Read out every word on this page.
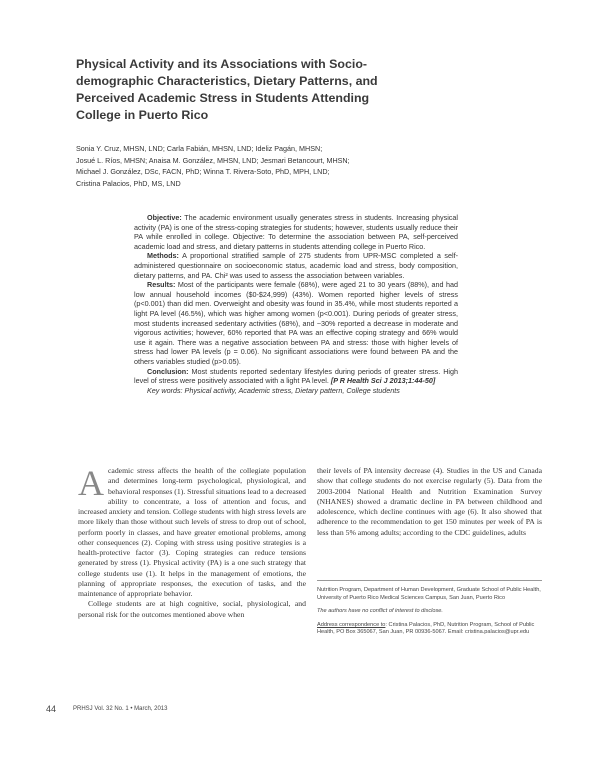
Physical Activity and its Associations with Socio-demographic Characteristics, Dietary Patterns, and Perceived Academic Stress in Students Attending College in Puerto Rico
Sonia Y. Cruz, MHSN, LND; Carla Fabián, MHSN, LND; Ideliz Pagán, MHSN;
Josué L. Ríos, MHSN; Anaisa M. González, MHSN, LND; Jesmari Betancourt, MHSN;
Michael J. González, DSc, FACN, PhD; Winna T. Rivera-Soto, PhD, MPH, LND;
Cristina Palacios, PhD, MS, LND

Objective: The academic environment usually generates stress in students. Increasing physical activity (PA) is one of the stress-coping strategies for students; however, students usually reduce their PA while enrolled in college. Objective: To determine the association between PA, self-perceived academic load and stress, and dietary patterns in students attending college in Puerto Rico.

Methods: A proportional stratified sample of 275 students from UPR-MSC completed a self-administered questionnaire on socioeconomic status, academic load and stress, body composition, dietary patterns, and PA. Chi² was used to assess the association between variables.

Results: Most of the participants were female (68%), were aged 21 to 30 years (88%), and had low annual household incomes ($0-$24,999) (43%). Women reported higher levels of stress (p<0.001) than did men. Overweight and obesity was found in 35.4%, while most students reported a light PA level (46.5%), which was higher among women (p<0.001). During periods of greater stress, most students increased sedentary activities (68%), and ~30% reported a decrease in moderate and vigorous activities; however, 60% reported that PA was an effective coping strategy and 66% would use it again. There was a negative association between PA and stress: those with higher levels of stress had lower PA levels (p = 0.06). No significant associations were found between PA and the others variables studied (p>0.05).

Conclusion: Most students reported sedentary lifestyles during periods of greater stress. High level of stress were positively associated with a light PA level. [P R Health Sci J 2013;1:44-50]

Key words: Physical activity, Academic stress, Dietary pattern, College students

Academic stress affects the health of the collegiate population and determines long-term psychological, physiological, and behavioral responses (1). Stressful situations lead to a decreased ability to concentrate, a loss of attention and focus, and increased anxiety and tension. College students with high stress levels are more likely than those without such levels of stress to drop out of school, perform poorly in classes, and have greater emotional problems, among other consequences (2). Coping with stress using positive strategies is a health-protective factor (3). Coping strategies can reduce tensions generated by stress (1). Physical activity (PA) is a one such strategy that college students use (1). It helps in the management of emotions, the planning of appropriate responses, the execution of tasks, and the maintenance of appropriate behavior.

College students are at high cognitive, social, physiological, and personal risk for the outcomes mentioned above when

their levels of PA intensity decrease (4). Studies in the US and Canada show that college students do not exercise regularly (5). Data from the 2003-2004 National Health and Nutrition Examination Survey (NHANES) showed a dramatic decline in PA between childhood and adolescence, which decline continues with age (6). It also showed that adherence to the recommendation to get 150 minutes per week of PA is less than 5% among adults; according to the CDC guidelines, adults

Nutrition Program, Department of Human Development, Graduate School of Public Health, University of Puerto Rico Medical Sciences Campus, San Juan, Puerto Rico

The authors have no conflict of interest to disclose.

Address correspondence to: Cristina Palacios, PhD, Nutrition Program, School of Public Health, PO Box 365067, San Juan, PR 00936-5067. Email: cristina.palacios@upr.edu

44	PRHSJ Vol. 32 No. 1 • March, 2013
